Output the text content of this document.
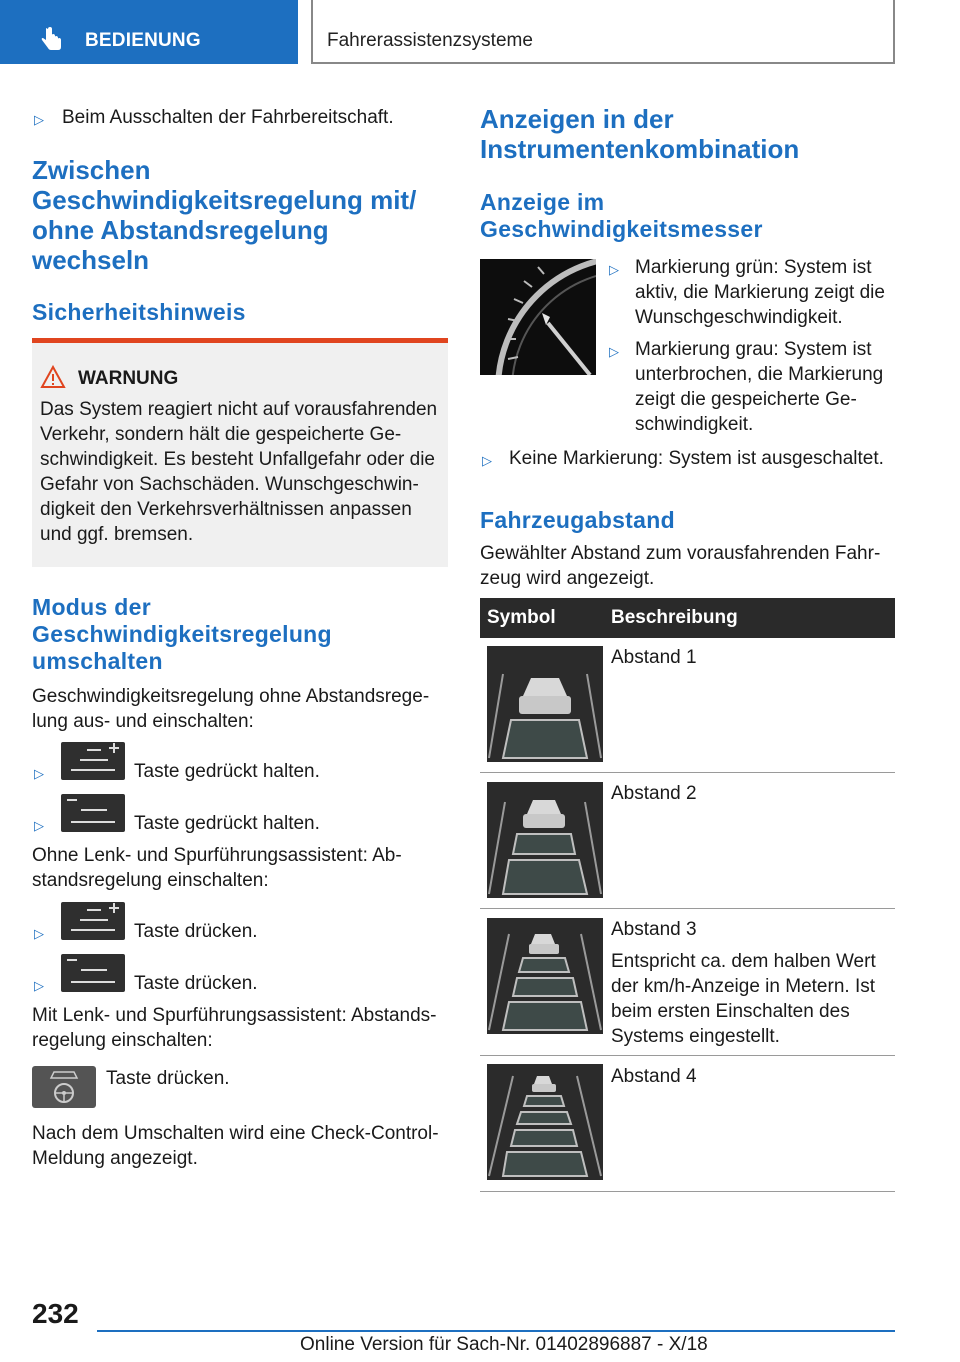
BEDIENUNG	Fahrerassistenzsysteme
▷ Beim Ausschalten der Fahrbereitschaft.
Zwischen
Geschwindigkeitsregelung mit/
ohne Abstandsregelung
wechseln
Sicherheitshinweis
WARNUNG
Das System reagiert nicht auf vorausfahrenden
Verkehr, sondern hält die gespeicherte Ge-
schwindigkeit. Es besteht Unfallgefahr oder die
Gefahr von Sachschäden. Wunschgeschwin-
digkeit den Verkehrsverhältnissen anpassen
und ggf. bremsen.
Modus der
Geschwindigkeitsregelung
umschalten
Geschwindigkeitsregelung ohne Abstandsrege-
lung aus- und einschalten:
▷	Taste gedrückt halten.
▷	Taste gedrückt halten.
Ohne Lenk- und Spurführungsassistent: Ab-
standsregelung einschalten:
▷	Taste drücken.
▷	Taste drücken.
Mit Lenk- und Spurführungsassistent: Abstands-
regelung einschalten:
Taste drücken.
Nach dem Umschalten wird eine Check-Control-
Meldung angezeigt.
Anzeigen in der
Instrumentenkombination
Anzeige im
Geschwindigkeitsmesser
▷ Markierung grün: System ist
aktiv, die Markierung zeigt die
Wunschgeschwindigkeit.
▷ Markierung grau: System ist
unterbrochen, die Markierung
zeigt die gespeicherte Ge-
schwindigkeit.
▷ Keine Markierung: System ist ausgeschaltet.
Fahrzeugabstand
Gewählter Abstand zum vorausfahrenden Fahr-
zeug wird angezeigt.
Symbol	Beschreibung
Abstand 1
Abstand 2
Abstand 3
Entspricht ca. dem halben Wert
der km/h-Anzeige in Metern. Ist
beim ersten Einschalten des
Systems eingestellt.
Abstand 4
232
Online Version für Sach-Nr. 01402896887 - X/18
